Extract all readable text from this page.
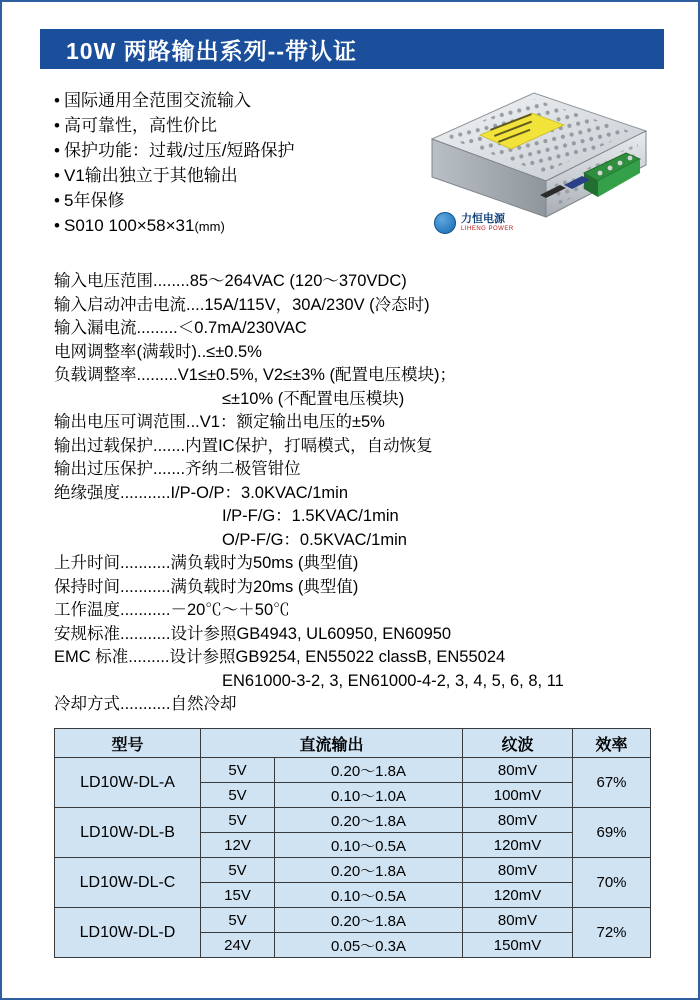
10W 两路输出系列--带认证
• 国际通用全范围交流输入
• 高可靠性，高性价比
• 保护功能：过载/过压/短路保护
• V1输出独立于其他输出
• 5年保修
• S010 100×58×31(mm)	力恒电源
LIHENG POWER
输入电压范围........85～264VAC (120～370VDC)
输入启动冲击电流....15A/115V，30A/230V (冷态时)
输入漏电流.........＜0.7mA/230VAC
电网调整率(满载时)..≤±0.5%
负载调整率.........V1≤±0.5%, V2≤±3% (配置电压模块)；
≤±10% (不配置电压模块)
输出电压可调范围...V1：额定输出电压的±5%
输出过载保护.......内置IC保护，打嗝模式，自动恢复
输出过压保护.......齐纳二极管钳位
绝缘强度...........I/P-O/P：3.0KVAC/1min
I/P-F/G：1.5KVAC/1min
O/P-F/G：0.5KVAC/1min
上升时间...........满负载时为50ms (典型值)
保持时间...........满负载时为20ms (典型值)
工作温度...........－20℃～＋50℃
安规标准...........设计参照GB4943, UL60950, EN60950
EMC 标准.........设计参照GB9254, EN55022 classB, EN55024
EN61000-3-2, 3, EN61000-4-2, 3, 4, 5, 6, 8, 11
冷却方式...........自然冷却
型号	直流输出		纹波	效率
LD10W-DL-A	5V	0.20～1.8A	80mV	67%
	5V	0.10～1.0A	100mV	
LD10W-DL-B	5V	0.20～1.8A	80mV	69%
	12V	0.10～0.5A	120mV	
LD10W-DL-C	5V	0.20～1.8A	80mV	70%
	15V	0.10～0.5A	120mV	
LD10W-DL-D	5V	0.20～1.8A	80mV	72%
	24V	0.05～0.3A	150mV	
